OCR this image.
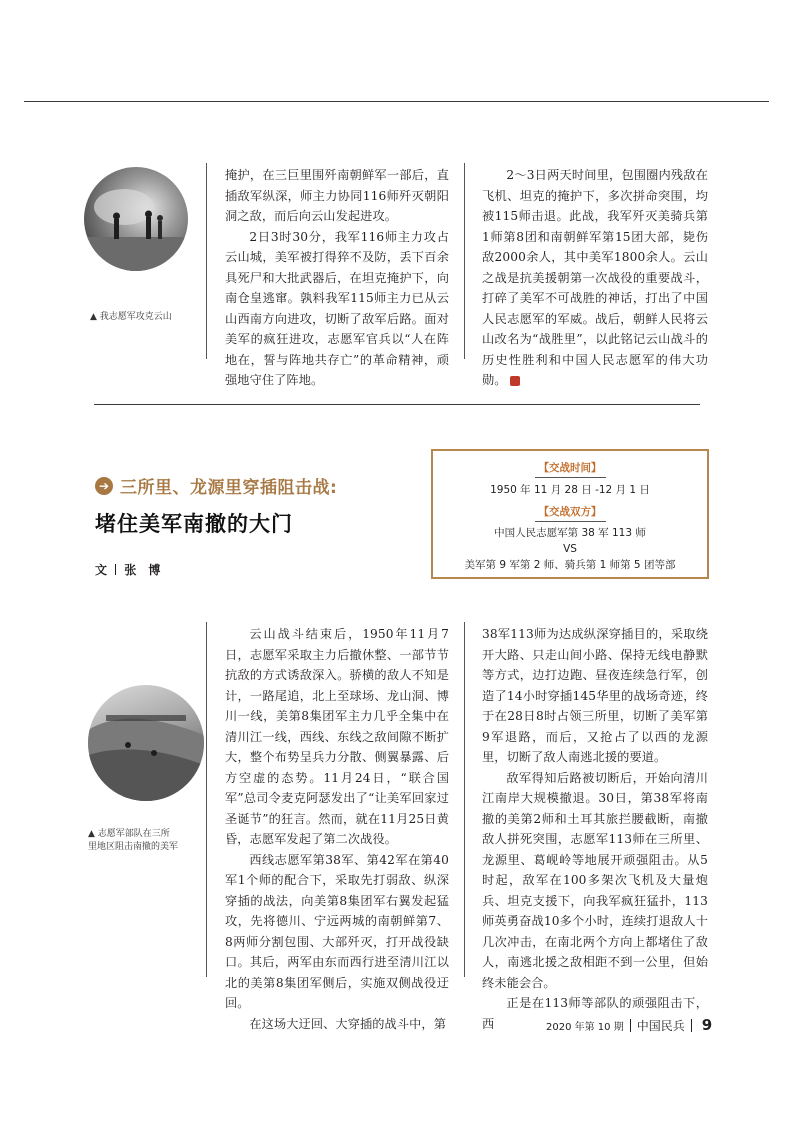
▲ 我志愿军攻克云山

掩护，在三巨里围歼南朝鲜军一部后，直插敌军纵深，师主力协同116师歼灭朝阳洞之敌，而后向云山发起进攻。

2日3时30分，我军116师主力攻占云山城，美军被打得猝不及防，丢下百余具死尸和大批武器后，在坦克掩护下，向南仓皇逃窜。孰料我军115师主力已从云山西南方向进攻，切断了敌军后路。面对美军的疯狂进攻，志愿军官兵以“人在阵地在，誓与阵地共存亡”的革命精神，顽强地守住了阵地。

2～3日两天时间里，包围圈内残敌在飞机、坦克的掩护下，多次拼命突围，均被115师击退。此战，我军歼灭美骑兵第1师第8团和南朝鲜军第15团大部，毙伤敌2000余人，其中美军1800余人。云山之战是抗美援朝第一次战役的重要战斗，打碎了美军不可战胜的神话，打出了中国人民志愿军的军威。战后，朝鲜人民将云山改名为“战胜里”，以此铭记云山战斗的历史性胜利和中国人民志愿军的伟大功勋。

➔ 三所里、龙源里穿插阻击战:
堵住美军南撤的大门
文 张　博
【交战时间】
1950 年 11 月 28 日 -12 月 1 日
【交战双方】
中国人民志愿军第 38 军 113 师
VS
美军第 9 军第 2 师、骑兵第 1 师第 5 团等部
▲ 志愿军部队在三所里地区阻击南撤的美军

云山战斗结束后，1950年11月7日，志愿军采取主力后撤休整、一部节节抗敌的方式诱敌深入。骄横的敌人不知是计，一路尾追，北上至球场、龙山洞、博川一线，美第8集团军主力几乎全集中在清川江一线，西线、东线之敌间隙不断扩大，整个布势呈兵力分散、侧翼暴露、后方空虚的态势。11月24日，“联合国军”总司令麦克阿瑟发出了“让美军回家过圣诞节”的狂言。然而，就在11月25日黄昏，志愿军发起了第二次战役。

西线志愿军第38军、第42军在第40军1个师的配合下，采取先打弱敌、纵深穿插的战法，向美第8集团军右翼发起猛攻，先将德川、宁远两城的南朝鲜第7、8两师分割包围、大部歼灭，打开战役缺口。其后，两军由东而西行进至清川江以北的美第8集团军侧后，实施双侧战役迂回。

在这场大迂回、大穿插的战斗中，第

38军113师为达成纵深穿插目的，采取绕开大路、只走山间小路、保持无线电静默等方式，边打边跑、昼夜连续急行军，创造了14小时穿插145华里的战场奇迹，终于在28日8时占领三所里，切断了美军第9军退路，而后，又抢占了以西的龙源里，切断了敌人南逃北援的要道。

敌军得知后路被切断后，开始向清川江南岸大规模撤退。30日，第38军将南撤的美第2师和土耳其旅拦腰截断，南撤敌人拼死突围，志愿军113师在三所里、龙源里、葛岘岭等地展开顽强阻击。从5时起，敌军在100多架次飞机及大量炮兵、坦克支援下，向我军疯狂猛扑，113师英勇奋战10多个小时，连续打退敌人十几次冲击，在南北两个方向上都堵住了敌人，南逃北援之敌相距不到一公里，但始终未能会合。

正是在113师等部队的顽强阻击下，西	2020 年第 10 期 中国民兵 9
